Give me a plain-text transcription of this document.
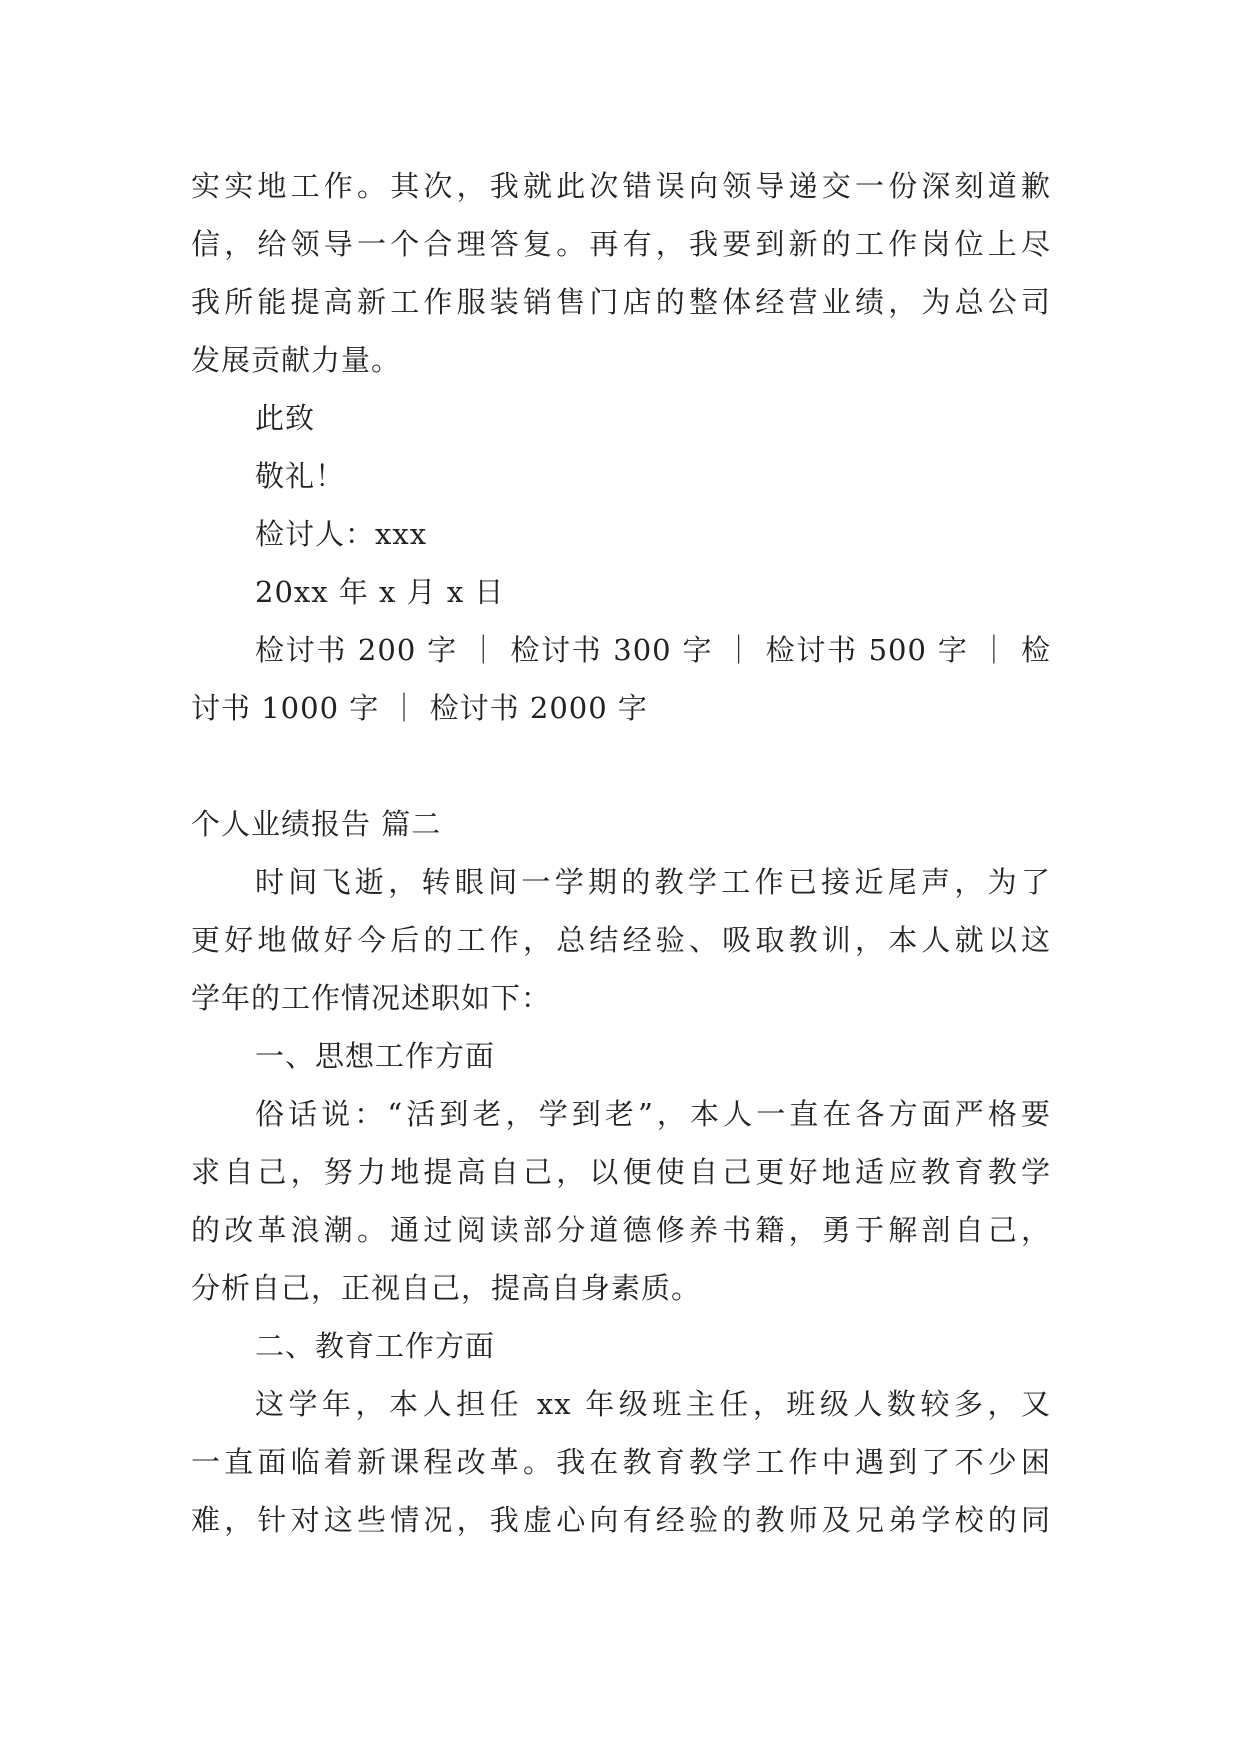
实实地工作。其次，我就此次错误向领导递交一份深刻道歉
信，给领导一个合理答复。再有，我要到新的工作岗位上尽
我所能提高新工作服装销售门店的整体经营业绩，为总公司
发展贡献力量。
此致
敬礼！
检讨人：xxx
20xx 年 x 月 x 日
检讨书 200 字 ｜ 检讨书 300 字 ｜ 检讨书 500 字 ｜ 检
讨书 1000 字 ｜ 检讨书 2000 字
个人业绩报告 篇二
时间飞逝，转眼间一学期的教学工作已接近尾声，为了
更好地做好今后的工作，总结经验、吸取教训，本人就以这
学年的工作情况述职如下：
一、思想工作方面
俗话说：“活到老，学到老”，本人一直在各方面严格要
求自己，努力地提高自己，以便使自己更好地适应教育教学
的改革浪潮。通过阅读部分道德修养书籍，勇于解剖自己，
分析自己，正视自己，提高自身素质。
二、教育工作方面
这学年，本人担任 xx 年级班主任，班级人数较多，又
一直面临着新课程改革。我在教育教学工作中遇到了不少困
难，针对这些情况，我虚心向有经验的教师及兄弟学校的同
